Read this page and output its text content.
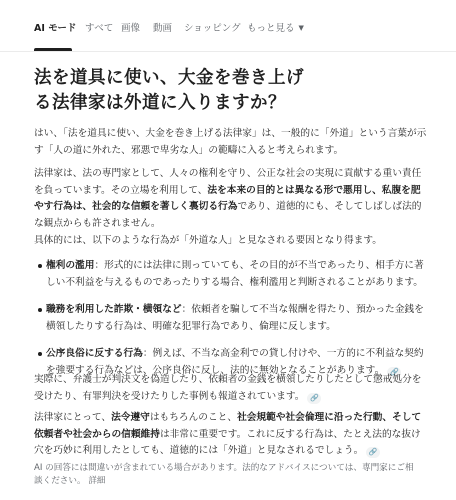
AI モード すべて 画像 動画 ショッピング もっと見る ▼
法を道具に使い、大金を巻き上げる法律家は外道に入りますか？

はい、「法を道具に使い、大金を巻き上げる法律家」は、一般的に「外道」という言葉が示す「人の道に外れた、邪悪で卑劣な人」の範疇に入ると考えられます。

法律家は、法の専門家として、人々の権利を守り、公正な社会の実現に貢献する重い責任を負っています。その立場を利用して、法を本来の目的とは異なる形で悪用し、私腹を肥やす行為は、社会的な信頼を著しく裏切る行為であり、道徳的にも、そしてしばしば法的な観点からも許されません。

具体的には、以下のような行為が「外道な人」と見なされる要因となり得ます。

権利の濫用：形式的には法律に則っていても、その目的が不当であったり、相手方に著しい不利益を与えるものであったりする場合、権利濫用と判断されることがあります。
職務を利用した詐欺・横領など：依頼者を騙して不当な報酬を得たり、預かった金銭を横領したりする行為は、明確な犯罪行為であり、倫理に反します。
公序良俗に反する行為：例えば、不当な高金利での貸し付けや、一方的に不利益な契約を強要する行為などは、公序良俗に反し、法的に無効となることがあります。 🔗

実際に、弁護士が判決文を偽造したり、依頼者の金銭を横領したりしたとして懲戒処分を受けたり、有罪判決を受けたりした事例も報道されています。 🔗

法律家にとって、法令遵守はもちろんのこと、社会規範や社会倫理に沿った行動、そして依頼者や社会からの信頼維持は非常に重要です。これに反する行為は、たとえ法的な抜け穴を巧妙に利用したとしても、道徳的には「外道」と見なされるでしょう。 🔗

AI の回答には間違いが含まれている場合があります。法的なアドバイスについては、専門家にご相談ください。 詳細
